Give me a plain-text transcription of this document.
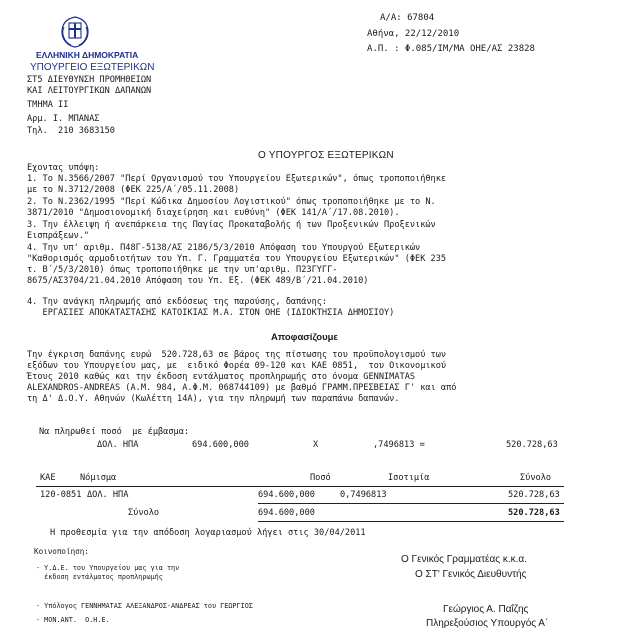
ΕΛΛΗΝΙΚΗ ΔΗΜΟΚΡΑΤΙΑ
ΥΠΟΥΡΓΕΙΟ ΕΞΩΤΕΡΙΚΩΝ
ΣΤ5 ΔΙΕΥΘΥΝΣΗ ΠΡΟΜΗΘΕΙΩΝ
ΚΑΙ ΛΕΙΤΟΥΡΓΙΚΩΝ ΔΑΠΑΝΩΝ
ΤΜΗΜΑ ΙΙ
Αρμ. Ι. ΜΠΑΝΑΣ
Τηλ.  210 3683150
Α/Α: 67804
Αθήνα, 22/12/2010
Α.Π. : Φ.085/ΙΜ/ΜΑ ΟΗΕ/ΑΣ 23828
Ο ΥΠΟΥΡΓΟΣ ΕΞΩΤΕΡΙΚΩΝ
Εχοντας υπόψη:
1. Το Ν.3566/2007 "Περί Οργανισμού του Υπουργείου Εξωτερικών", όπως τροποποιήθηκε
με το Ν.3712/2008 (ΦΕΚ 225/Α΄/05.11.2008)
2. Το Ν.2362/1995 "Περί Κώδικα Δημοσίου Λογιστικού" όπως τροποποιήθηκε με το Ν.
3871/2010 "Δημοσιονομική διαχείρηση και ευθύνη" (ΦΕΚ 141/Α΄/17.08.2010).
3. Την έλλειψη ή ανεπάρκεια της Παγίας Προκαταβολής ή των Προξενικών Προξενικών
Εισπράξεων."
4. Την υπ' αριθμ. Π48Γ-5138/ΑΣ 2186/5/3/2010 Απόφαση του Υπουργού Εξωτερικών
"Καθορισμός αρμοδιοτήτων του Υπ. Γ. Γραμματέα του Υπουργείου Εξωτερικών" (ΦΕΚ 235
τ. Β΄/5/3/2010) όπως τροποποιήθηκε με την υπ'αριθμ. Π23ΓΥΓΓ-
8675/ΑΣ3704/21.04.2010 Απόφαση του Υπ. Εξ. (ΦΕΚ 489/Β΄/21.04.2010)
4. Την ανάγκη πληρωμής από εκδόσεως της παρούσης, δαπάνης:
ΕΡΓΑΣΙΕΣ ΑΠΟΚΑΤΑΣΤΑΣΗΣ ΚΑΤΟΙΚΙΑΣ Μ.Α. ΣΤΟΝ ΟΗΕ (ΙΔΙΟΚΤΗΣΙΑ ΔΗΜΟΣΙΟΥ)
Αποφασίζουμε
Την έγκριση δαπάνης ευρώ  520.728,63 σε βάρος της πίστωσης του προϋπολογισμού των
εξόδων του Υπουργείου μας, με  ειδικό Φορέα 09-120 και ΚΑΕ 0851,  του Οικονομικού
Έτους 2010 καθώς και την έκδοση εντάλματος προπληρωμής στο όνομα GENNIMATAS
ALEXANDROS-ANDREAS (Α.Μ. 984, Α.Φ.Μ. 068744109) με βαθμό ΓΡΑΜΜ.ΠΡΕΣΒΕΙΑΣ Γ' και από
τη Δ' Δ.Ο.Υ. Αθηνών (Κωλέττη 14Α), για την πληρωμή των παραπάνω δαπανών.
Να πληρωθεί ποσό  με έμβασμα:
ΔΟΛ. ΗΠΑ	694.600,000	Χ	,7496813 =	520.728,63
ΚΑΕ	Νόμισμα	Ποσό	Ισοτιμία	Σύνολο
120-0851 ΔΟΛ. ΗΠΑ	694.600,000	0,7496813	520.728,63
Σύνολο	694.600,000	520.728,63
Η προθεσμία για την απόδοση λογαριασμού λήγει στις 30/04/2011
Κοινοποίηση:
- Υ.Δ.Ε. του Υπουργείου μας για την
έκδοση εντάλματος προπληρωμής
- Υπόλογος ΓΕΝΝΗΜΑΤΑΣ ΑΛΕΞΑΝΔΡΟΣ-ΑΝΔΡΕΑΣ του ΓΕΩΡΓΙΟΣ
- ΜΟΝ.ΑΝΤ.  Ο.Η.Ε.
Ο Γενικός Γραμματέας κ.κ.α.
Ο ΣΤ' Γενικός Διευθυντής
Γεώργιος Α. Παΐζης
Πληρεξούσιος Υπουργός Α΄
